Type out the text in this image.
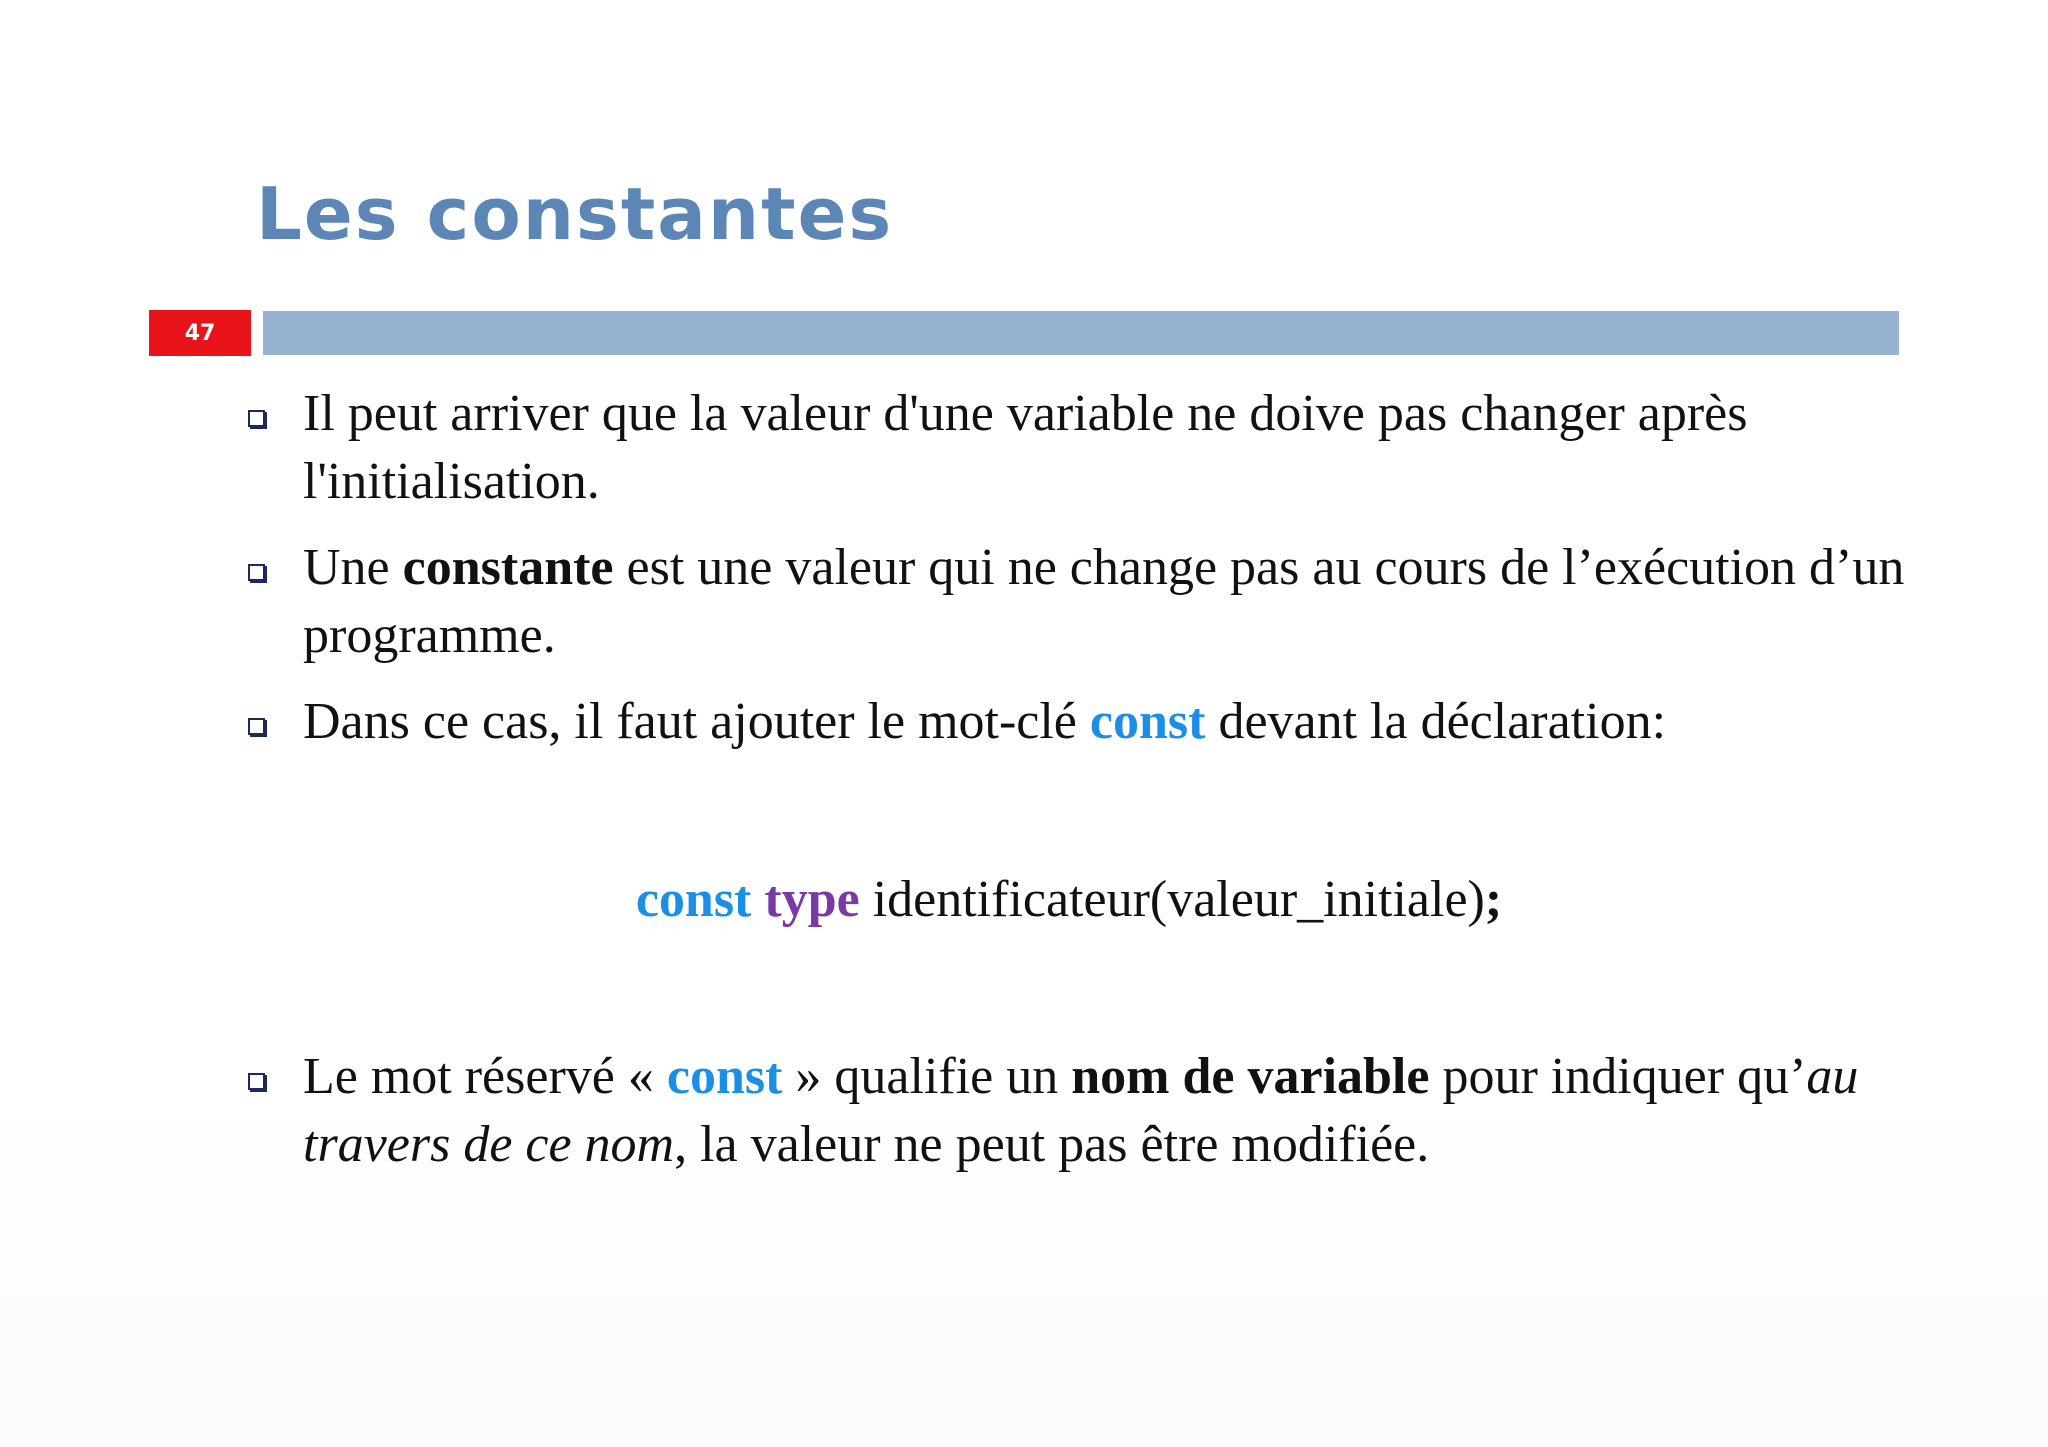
Les constantes
47
Il peut arriver que la valeur d'une variable ne doive pas changer après l'initialisation.
Une constante est une valeur qui ne change pas au cours de l’exécution d’un programme.
Dans ce cas, il faut ajouter le mot-clé const devant la déclaration:
const type identificateur(valeur_initiale);
Le mot réservé « const » qualifie un nom de variable pour indiquer qu’au travers de ce nom, la valeur ne peut pas être modifiée.
